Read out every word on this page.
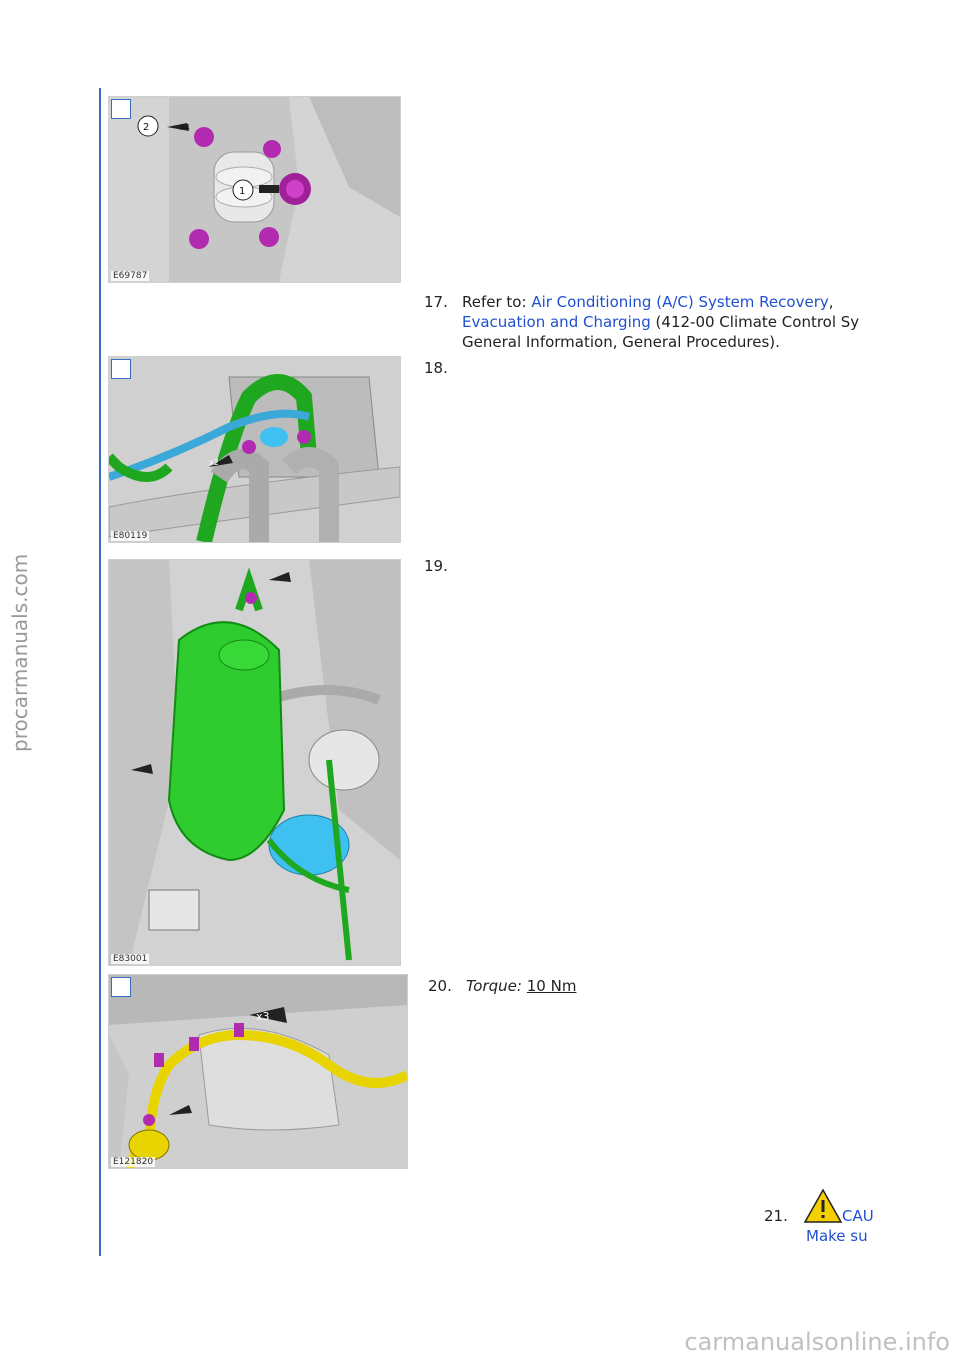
procarmanuals.com
carmanualsonline.info
2	x4
1
E69787
17. Refer to: Air Conditioning (A/C) System Recovery,
Evacuation and Charging (412-00 Climate Control Sy
General Information, General Procedures).
x2
E80119
18.
E83001
19.
x3
E121820
20. Torque: 10 Nm
21.	CAU
Make su
